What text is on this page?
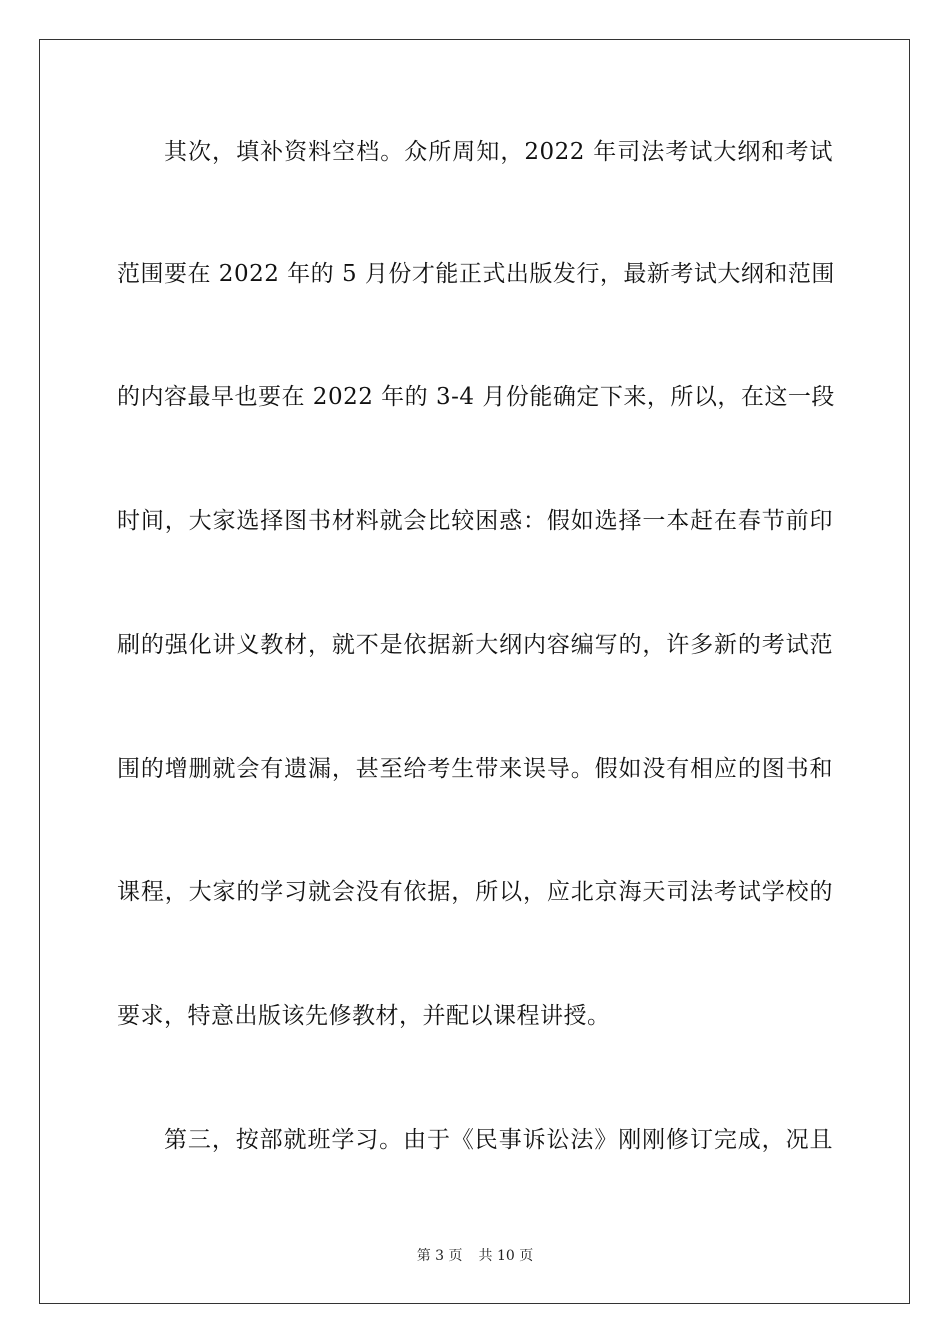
其次，填补资料空档。众所周知，2022 年司法考试大纲和考试
范围要在 2022 年的 5 月份才能正式出版发行，最新考试大纲和范围
的内容最早也要在 2022 年的 3-4 月份能确定下来，所以，在这一段
时间，大家选择图书材料就会比较困惑：假如选择一本赶在春节前印
刷的强化讲义教材，就不是依据新大纲内容编写的，许多新的考试范
围的增删就会有遗漏，甚至给考生带来误导。假如没有相应的图书和
课程，大家的学习就会没有依据，所以，应北京海天司法考试学校的
要求，特意出版该先修教材，并配以课程讲授。
第三，按部就班学习。由于《民事诉讼法》刚刚修订完成，况且
第 3 页 共 10 页
